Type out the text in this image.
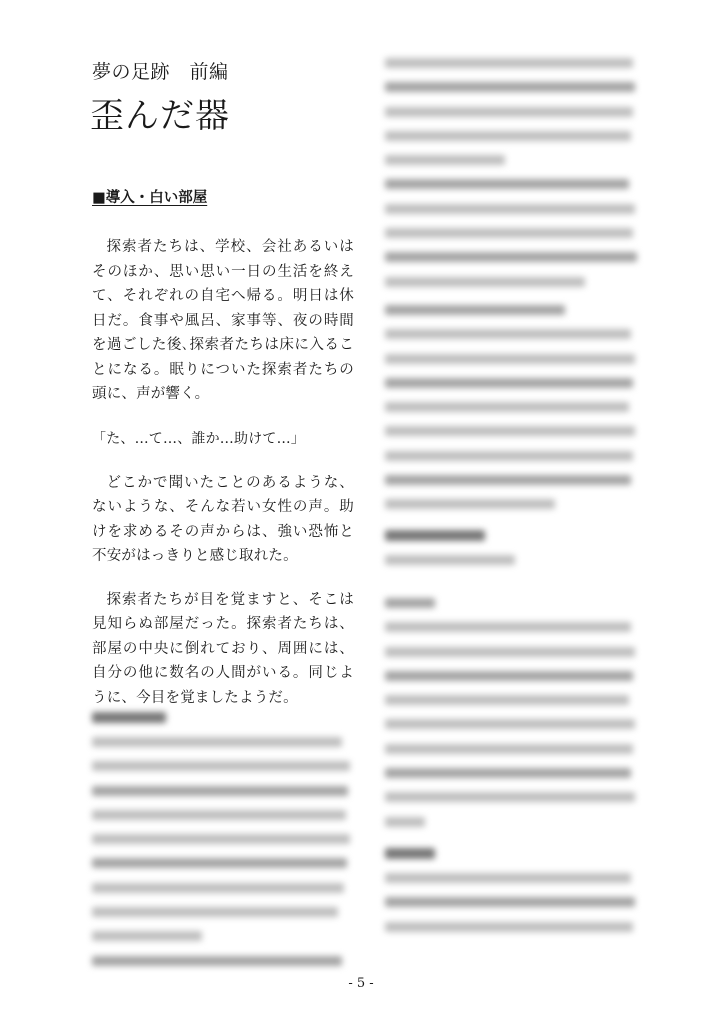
夢の足跡　前編

歪んだ器

■導入・白い部屋

探索者たちは、学校、会社あるいはそのほか、思い思い一日の生活を終えて、それぞれの自宅へ帰る。明日は休日だ。食事や風呂、家事等、夜の時間を過ごした後､探索者たちは床に入ることになる。眠りについた探索者たちの頭に、声が響く。

「た、…て…、誰か…助けて…」

どこかで聞いたことのあるような、ないような、そんな若い女性の声。助けを求めるその声からは、強い恐怖と不安がはっきりと感じ取れた。

探索者たちが目を覚ますと、そこは見知らぬ部屋だった。探索者たちは、部屋の中央に倒れており、周囲には、自分の他に数名の人間がいる。同じように、今目を覚ましたようだ。

- 5 -
